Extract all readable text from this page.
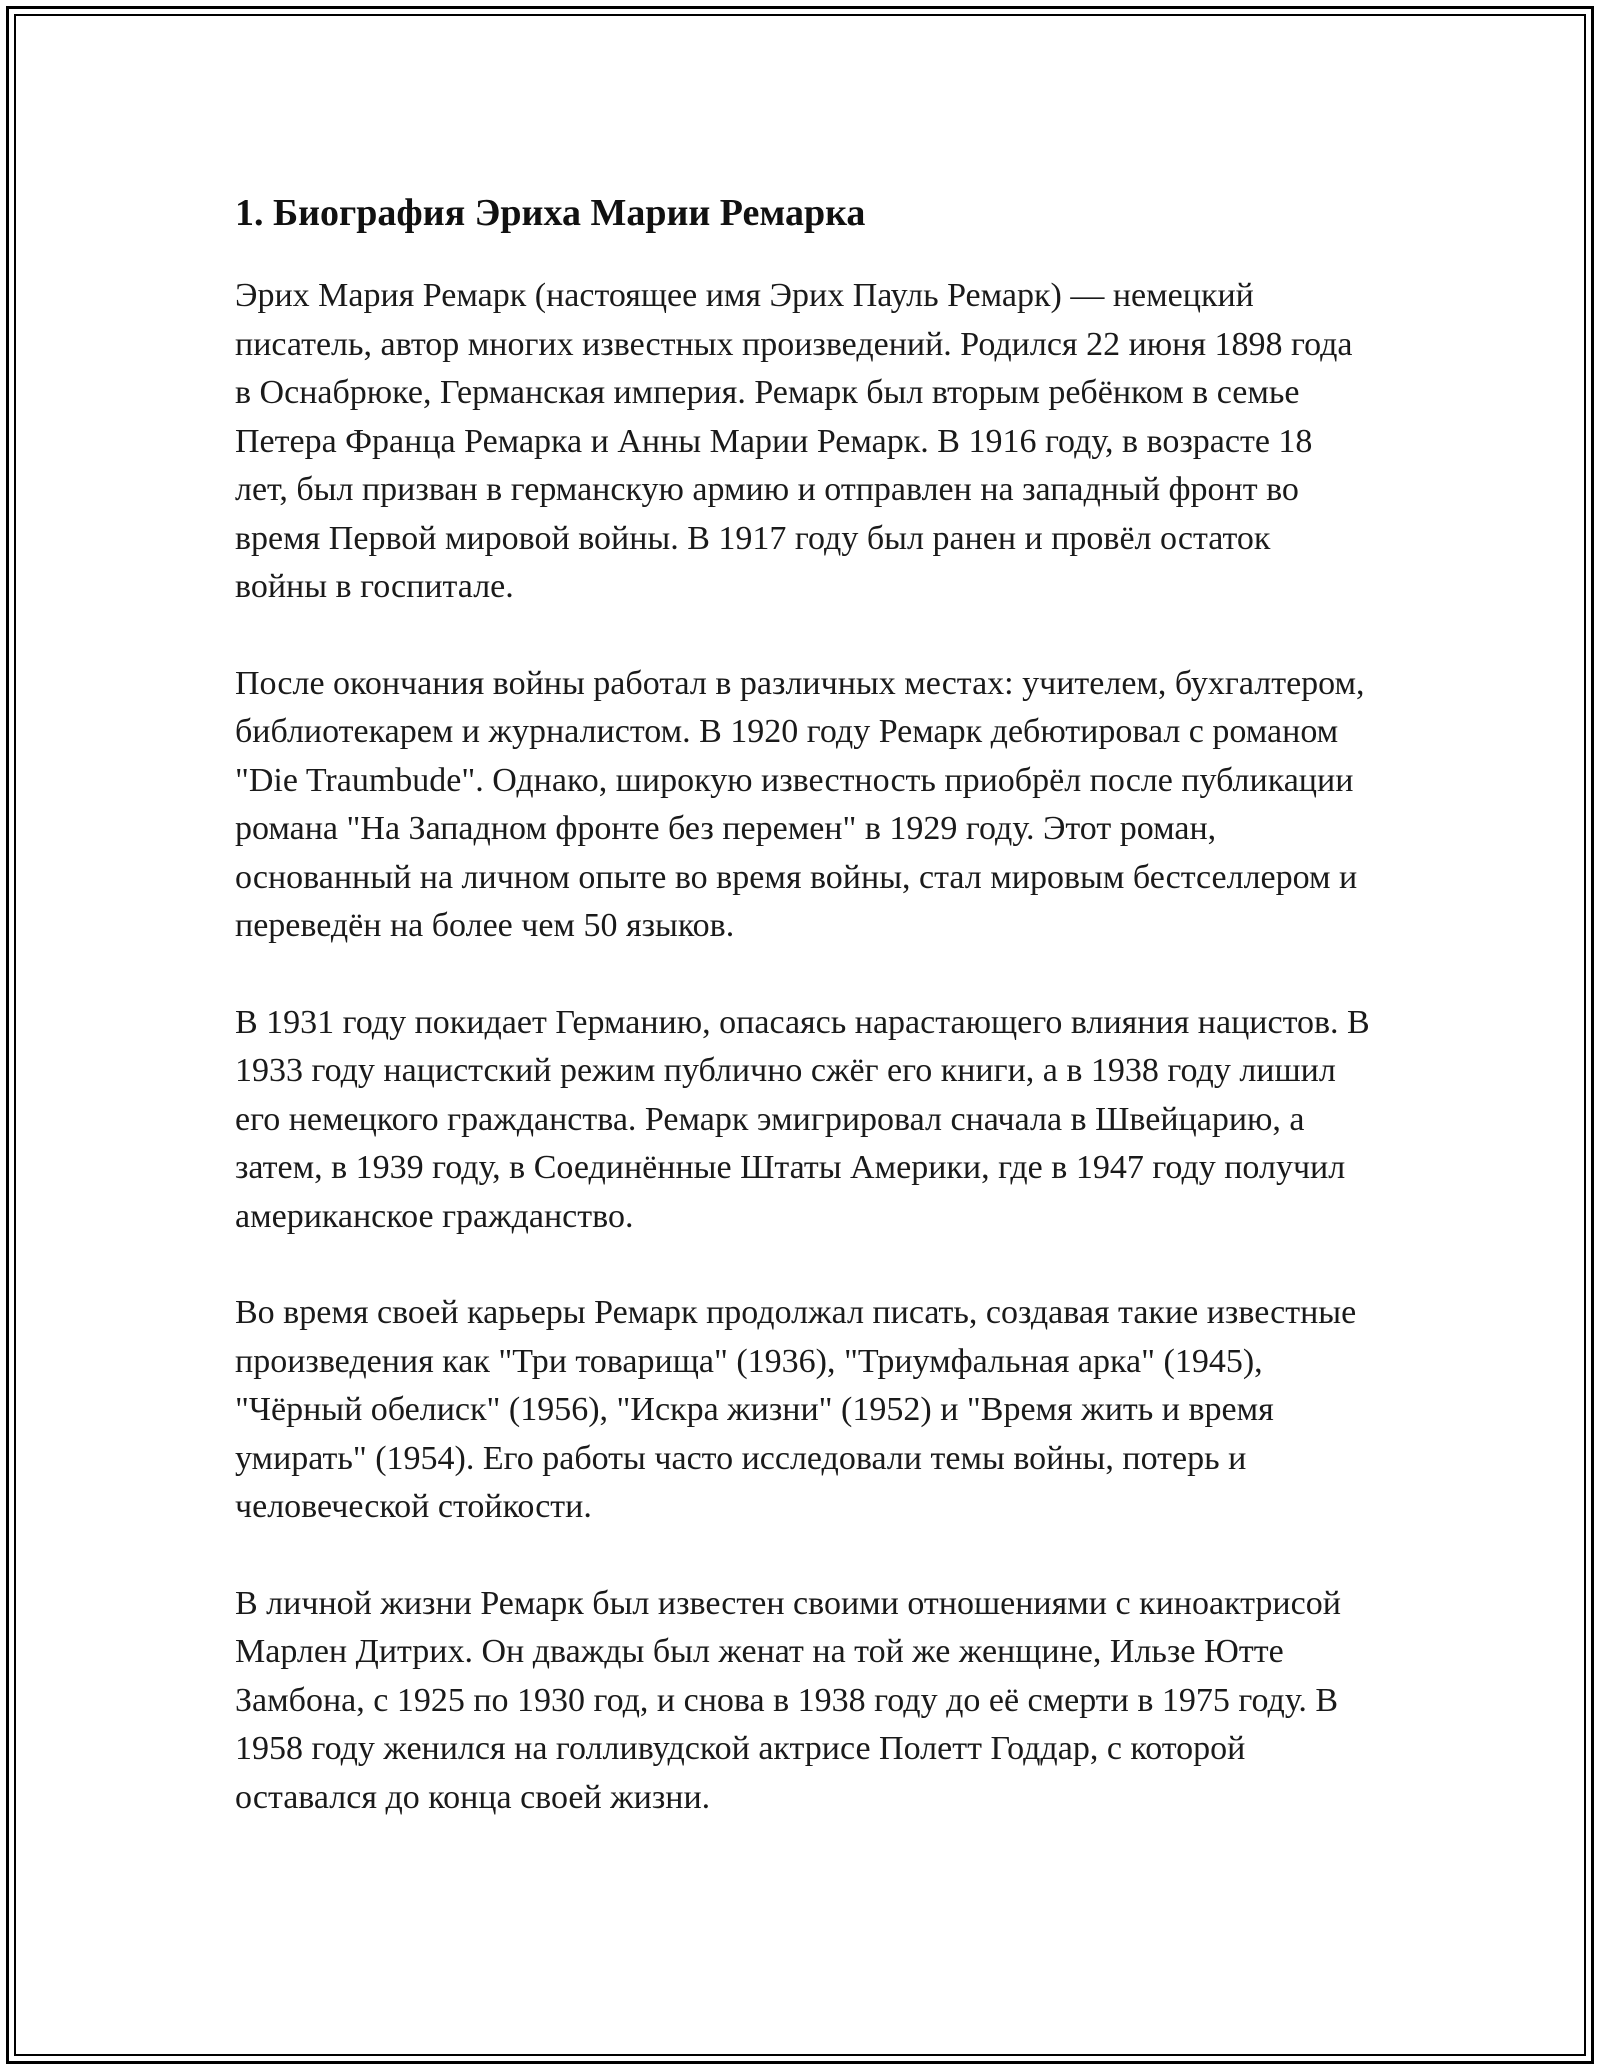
1. Биография Эриха Марии Ремарка

Эрих Мария Ремарк (настоящее имя Эрих Пауль Ремарк) — немецкий писатель, автор многих известных произведений. Родился 22 июня 1898 года в Оснабрюке, Германская империя. Ремарк был вторым ребёнком в семье Петера Франца Ремарка и Анны Марии Ремарк. В 1916 году, в возрасте 18 лет, был призван в германскую армию и отправлен на западный фронт во время Первой мировой войны. В 1917 году был ранен и провёл остаток войны в госпитале.

После окончания войны работал в различных местах: учителем, бухгалтером, библиотекарем и журналистом. В 1920 году Ремарк дебютировал с романом "Die Traumbude". Однако, широкую известность приобрёл после публикации романа "На Западном фронте без перемен" в 1929 году. Этот роман, основанный на личном опыте во время войны, стал мировым бестселлером и переведён на более чем 50 языков.

В 1931 году покидает Германию, опасаясь нарастающего влияния нацистов. В 1933 году нацистский режим публично сжёг его книги, а в 1938 году лишил его немецкого гражданства. Ремарк эмигрировал сначала в Швейцарию, а затем, в 1939 году, в Соединённые Штаты Америки, где в 1947 году получил американское гражданство.

Во время своей карьеры Ремарк продолжал писать, создавая такие известные произведения как "Три товарища" (1936), "Триумфальная арка" (1945), "Чёрный обелиск" (1956), "Искра жизни" (1952) и "Время жить и время умирать" (1954). Его работы часто исследовали темы войны, потерь и человеческой стойкости.

В личной жизни Ремарк был известен своими отношениями с киноактрисой Марлен Дитрих. Он дважды был женат на той же женщине, Ильзе Ютте Замбона, с 1925 по 1930 год, и снова в 1938 году до её смерти в 1975 году. В 1958 году женился на голливудской актрисе Полетт Годдар, с которой оставался до конца своей жизни.
